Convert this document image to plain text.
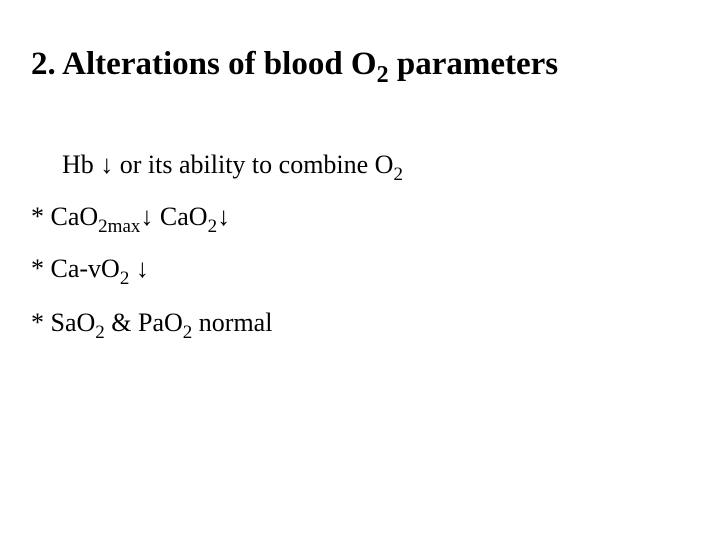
2. Alterations of blood $O_2$ parameters
Hb ↓ or its ability to combine $O_2$
* CaO$_{2max}$↓ CaO$_2$↓
* $Ca-vO_2$ ↓
* SaO$_2$ & PaO$_2$ normal
